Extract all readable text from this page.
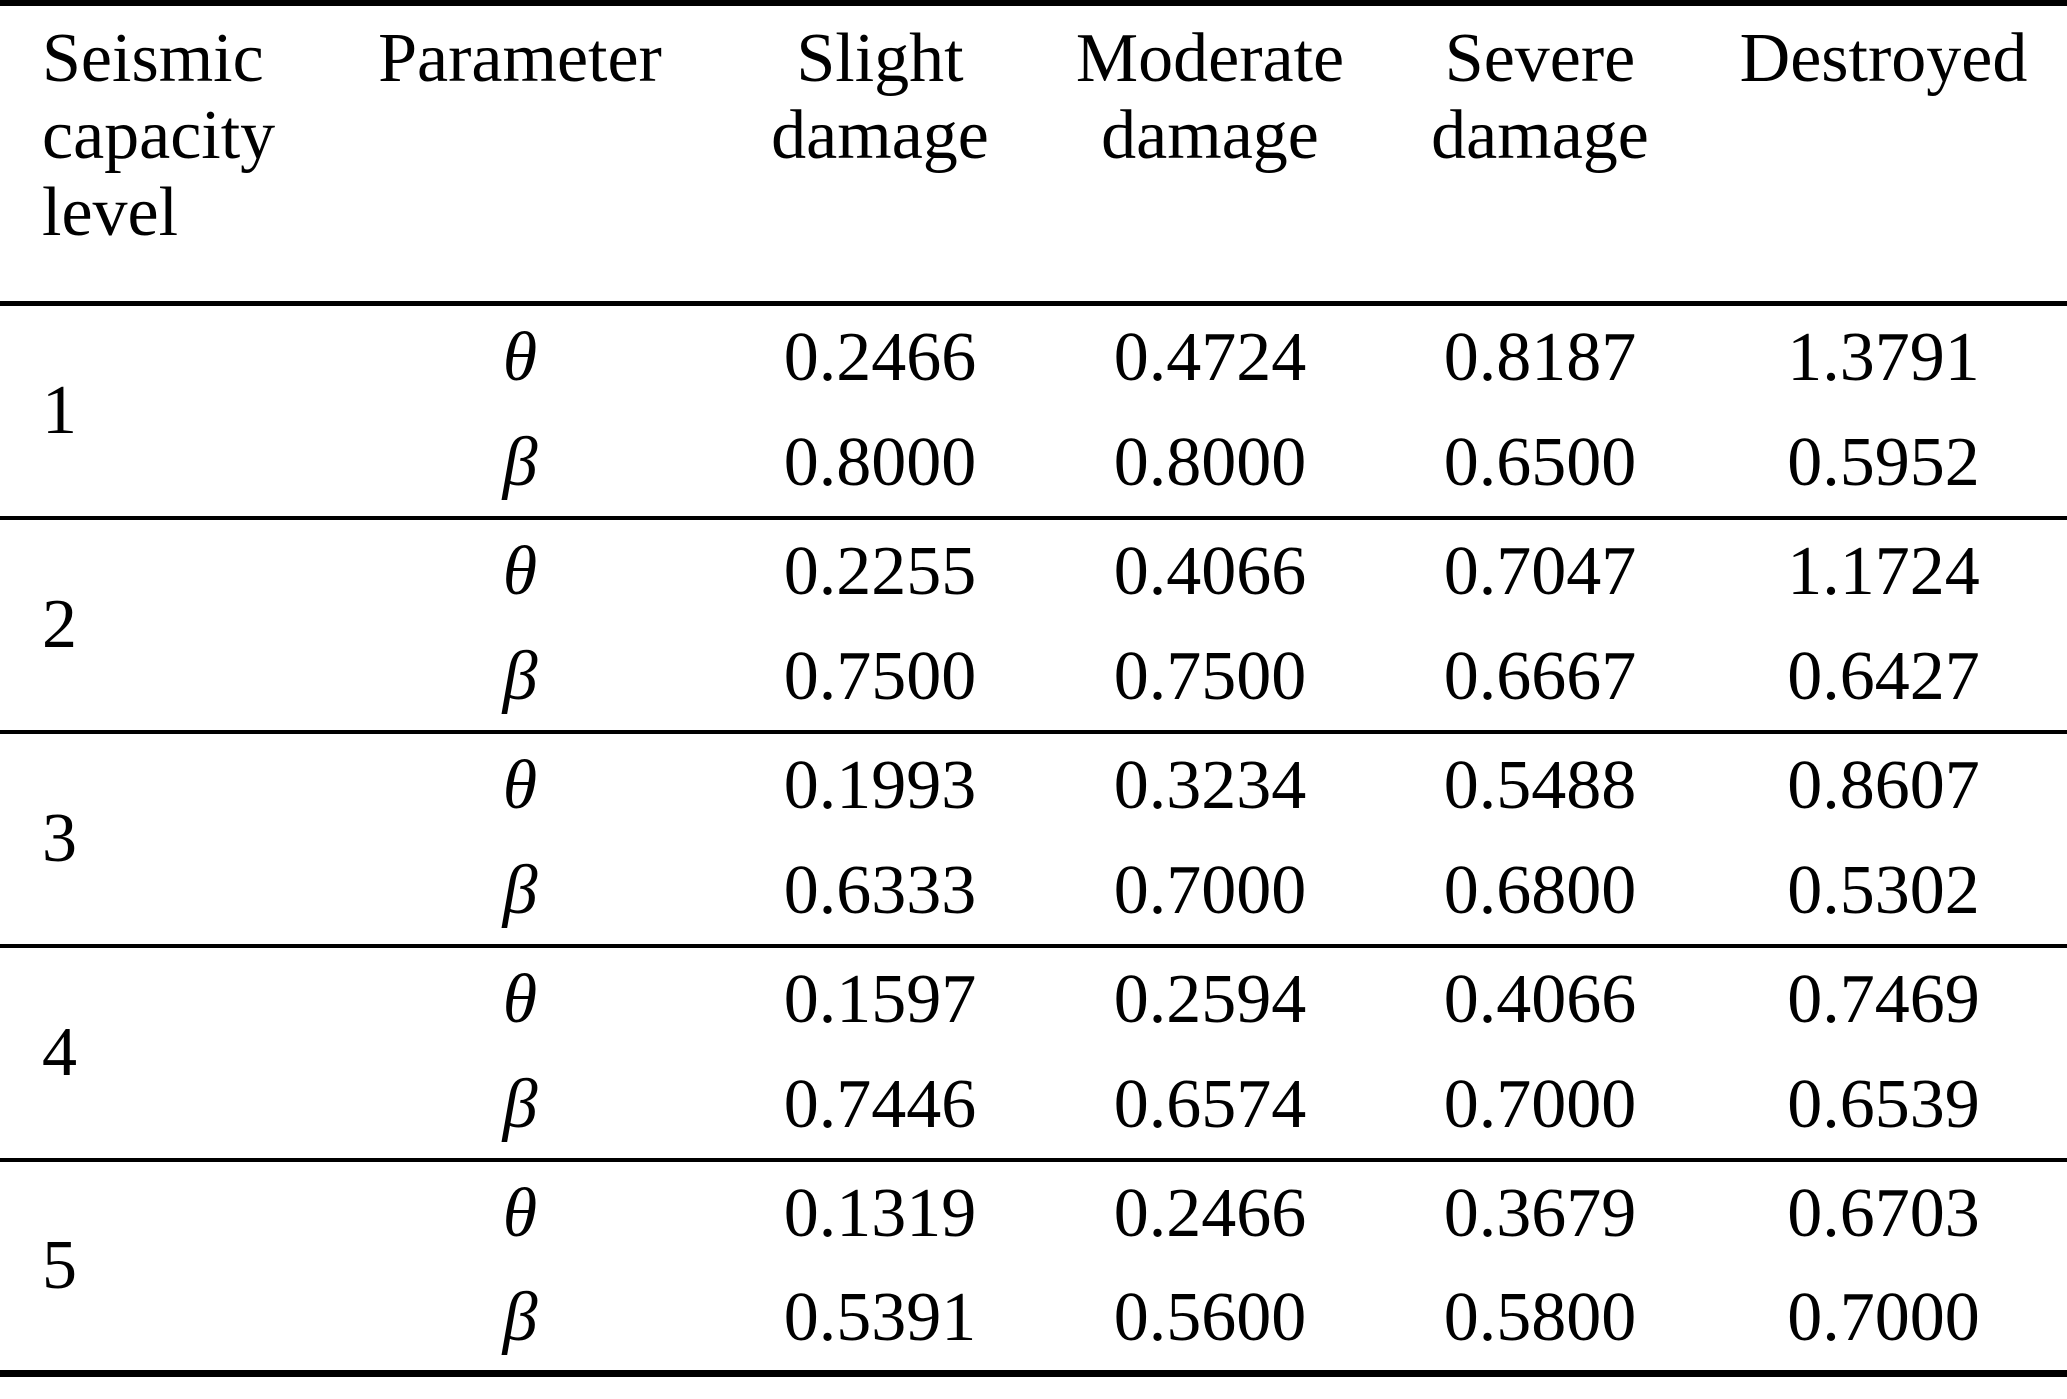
Seismic capacity level	Parameter	Slight damage	Moderate damage	Severe damage	Destroyed
1	θ	0.2466	0.4724	0.8187	1.3791
	β	0.8000	0.8000	0.6500	0.5952
2	θ	0.2255	0.4066	0.7047	1.1724
	β	0.7500	0.7500	0.6667	0.6427
3	θ	0.1993	0.3234	0.5488	0.8607
	β	0.6333	0.7000	0.6800	0.5302
4	θ	0.1597	0.2594	0.4066	0.7469
	β	0.7446	0.6574	0.7000	0.6539
5	θ	0.1319	0.2466	0.3679	0.6703
	β	0.5391	0.5600	0.5800	0.7000
